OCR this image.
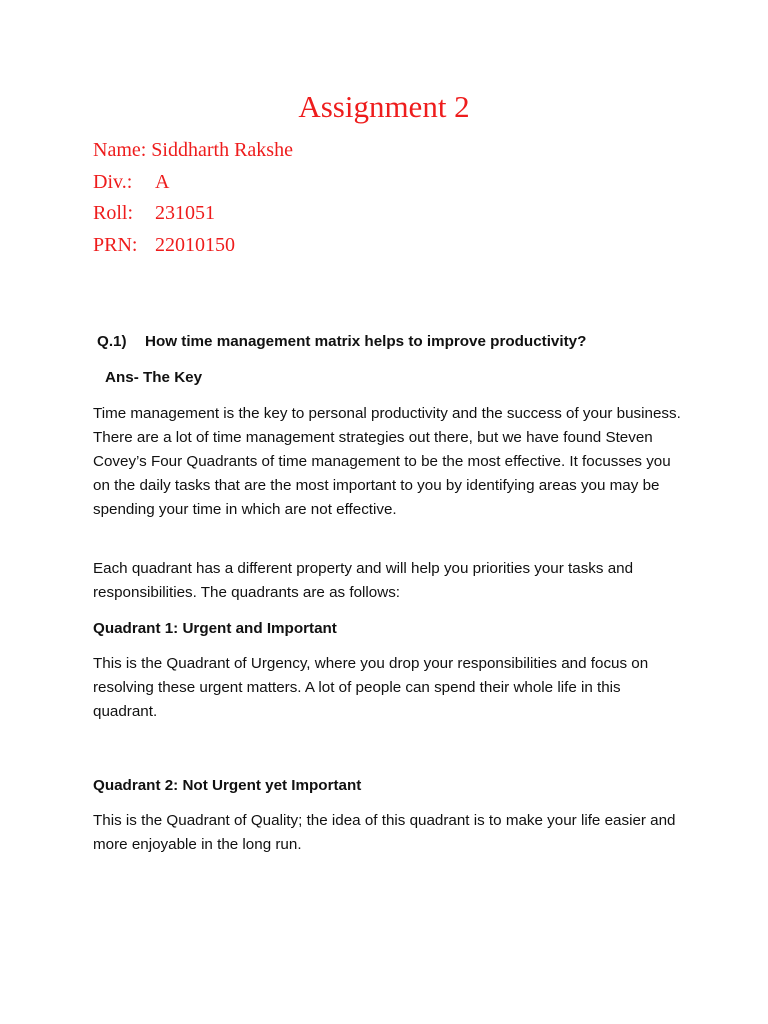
Assignment 2
Name: Siddharth Rakshe
Div.: A
Roll: 231051
PRN: 22010150
Q.1) How time management matrix helps to improve productivity?
Ans- The Key
Time management is the key to personal productivity and the success of your business. There are a lot of time management strategies out there, but we have found Steven Covey’s Four Quadrants of time management to be the most effective. It focusses you on the daily tasks that are the most important to you by identifying areas you may be spending your time in which are not effective.
Each quadrant has a different property and will help you priorities your tasks and responsibilities. The quadrants are as follows:
Quadrant 1: Urgent and Important
This is the Quadrant of Urgency, where you drop your responsibilities and focus on resolving these urgent matters. A lot of people can spend their whole life in this quadrant.
Quadrant 2: Not Urgent yet Important
This is the Quadrant of Quality; the idea of this quadrant is to make your life easier and more enjoyable in the long run.
